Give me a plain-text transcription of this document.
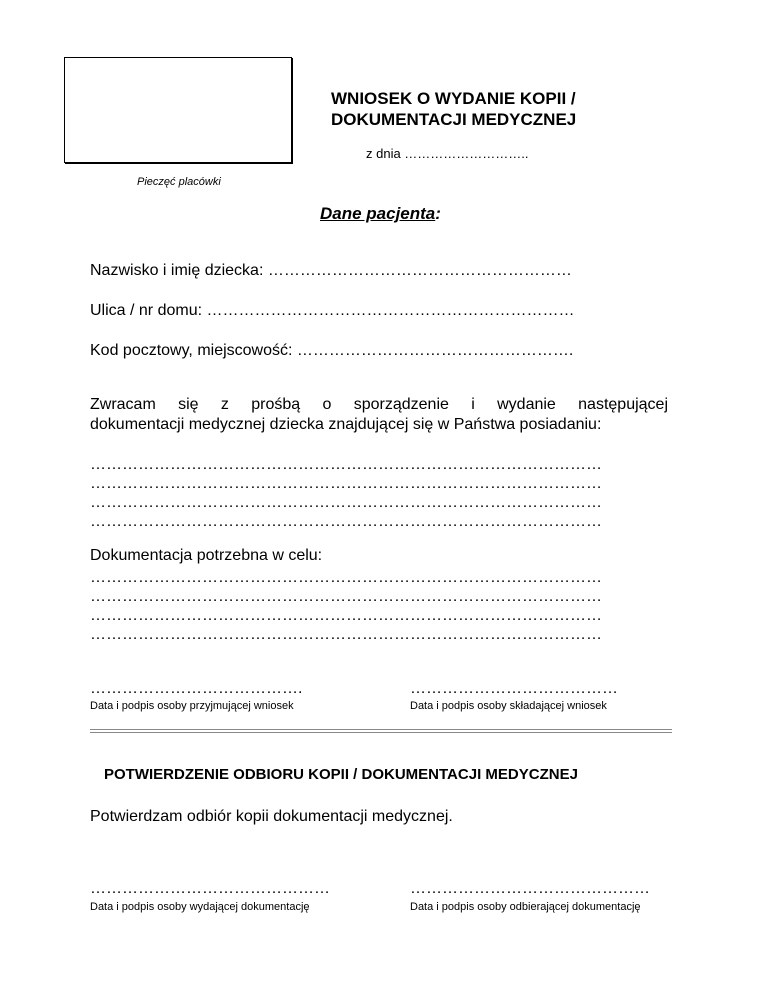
Pieczęć placówki
WNIOSEK O WYDANIE KOPII /
DOKUMENTACJI MEDYCZNEJ
z dnia ………………………..
Dane pacjenta:
Nazwisko i imię dziecka: …………………………………………………
Ulica / nr domu: ……………………………………………………………
Kod pocztowy, miejscowość: …………………………………………….
Zwracam się z prośbą o sporządzenie i wydanie następującej
dokumentacji medycznej dziecka znajdującej się w Państwa posiadaniu:
……………………………………………………………………………………
……………………………………………………………………………………
……………………………………………………………………………………
……………………………………………………………………………………
Dokumentacja potrzebna w celu:
……………………………………………………………………………………
……………………………………………………………………………………
……………………………………………………………………………………
……………………………………………………………………………………
………………………………….
Data i podpis osoby przyjmującej wniosek
…………………………………
Data i podpis osoby składającej wniosek
POTWIERDZENIE ODBIORU KOPII / DOKUMENTACJI MEDYCZNEJ
Potwierdzam odbiór kopii dokumentacji medycznej.
………………………………………
Data i podpis osoby wydającej dokumentację
………………………………………
Data i podpis osoby odbierającej dokumentację
